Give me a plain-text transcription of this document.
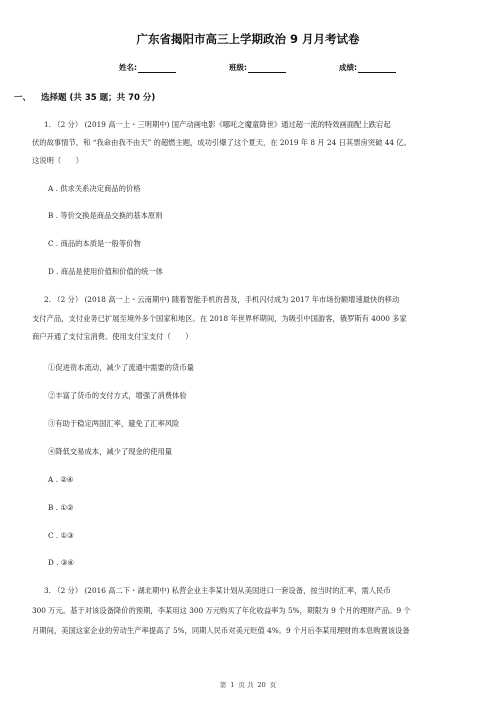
广东省揭阳市高三上学期政治 9 月月考试卷
姓名:	班级:	成绩:
一、 选择题 (共 35 题；共 70 分)
1. （2 分） (2019 高一上・三明期中) 国产动画电影《哪吒之魔童降世》通过超一流的特效画面配上跌宕起
伏的故事情节，和 “我命由我不由天” 的超燃主题，成功引爆了这个夏天，在 2019 年 8 月 24 日其票房突破 44 亿。
这说明（　　）
A . 供求关系决定商品的价格
B . 等价交换是商品交换的基本原则
C . 商品的本质是一般等价物
D . 商品是使用价值和价值的统一体
2. （2 分） (2018 高一上・云南期中) 随着智能手机的普及，手机闪付成为 2017 年市场份额增速最快的移动
支付产品，支付业务已扩展至境外多个国家和地区。在 2018 年世界杯期间，为吸引中国游客，俄罗斯有 4000 多家
商户开通了支付宝消费。使用支付宝支付（　　）
①促进资本流动，减少了流通中需要的货币量
②丰富了货币的支付方式，增强了消费体验
③有助于稳定两国汇率，避免了汇率风险
④降低交易成本，减少了现金的使用量
A . ②④
B . ①②
C . ①③
D . ③④
3. （2 分） (2016 高二下・湖北期中) 私营企业主李某计划从美国进口一套设备，按当时的汇率，需人民币
300 万元。基于对该设备降价的预期，李某用这 300 万元购买了年化收益率为 5%，期限为 9 个月的理财产品。9 个
月期间，美国这家企业的劳动生产率提高了 5%，同期人民币对美元贬值 4%。9 个月后李某用理财的本息购置该设备
第 1 页 共 20 页
